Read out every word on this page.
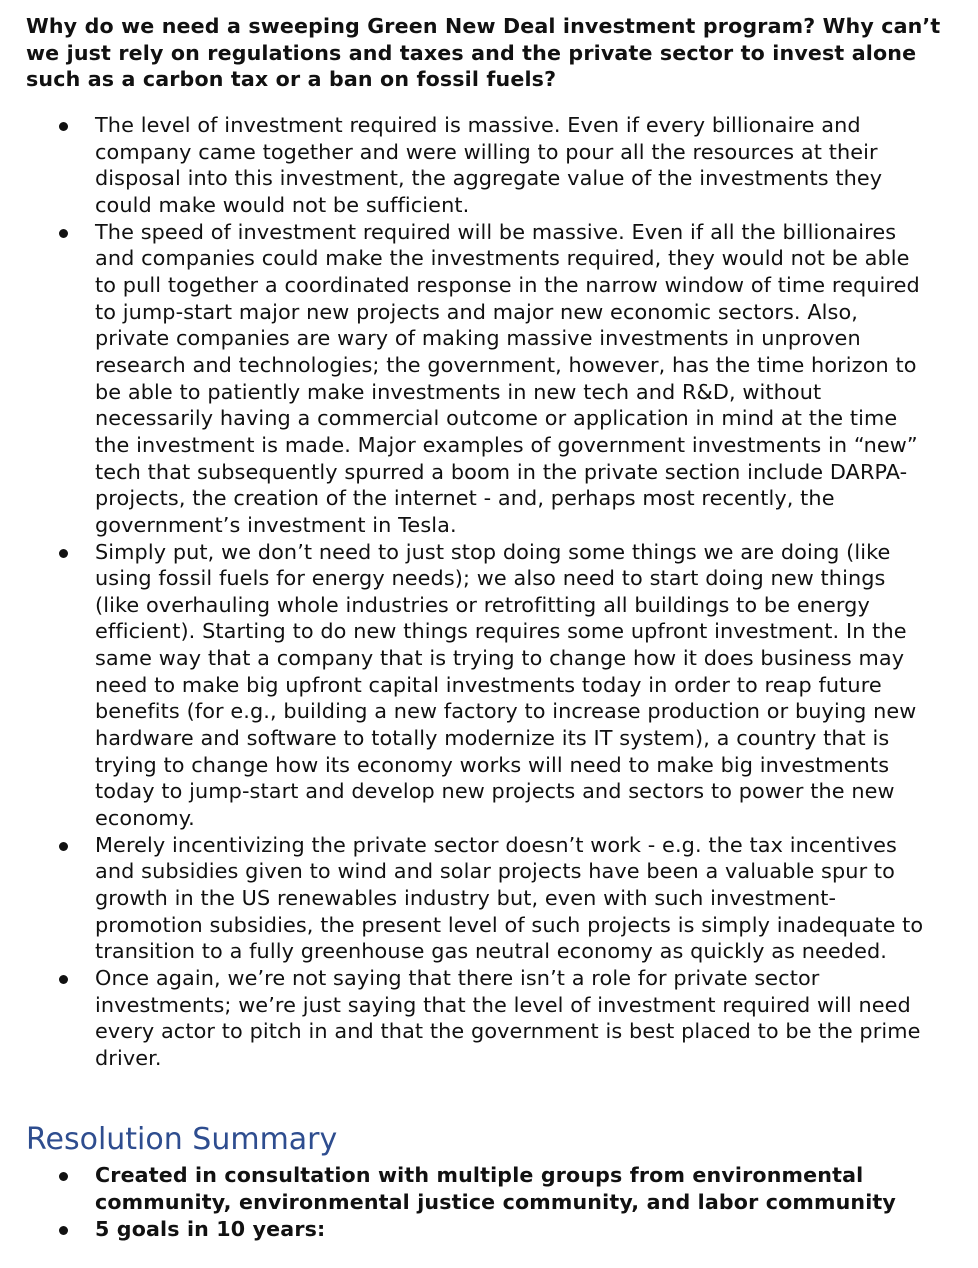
Why do we need a sweeping Green New Deal investment program? Why can’t we just rely on regulations and taxes and the private sector to invest alone such as a carbon tax or a ban on fossil fuels?

The level of investment required is massive. Even if every billionaire and company came together and were willing to pour all the resources at their disposal into this investment, the aggregate value of the investments they could make would not be sufficient.
The speed of investment required will be massive. Even if all the billionaires and companies could make the investments required, they would not be able to pull together a coordinated response in the narrow window of time required to jump-start major new projects and major new economic sectors. Also, private companies are wary of making massive investments in unproven research and technologies; the government, however, has the time horizon to be able to patiently make investments in new tech and R&D, without necessarily having a commercial outcome or application in mind at the time the investment is made. Major examples of government investments in “new” tech that subsequently spurred a boom in the private section include DARPA-projects, the creation of the internet - and, perhaps most recently, the government’s investment in Tesla.
Simply put, we don’t need to just stop doing some things we are doing (like using fossil fuels for energy needs); we also need to start doing new things (like overhauling whole industries or retrofitting all buildings to be energy efficient). Starting to do new things requires some upfront investment. In the same way that a company that is trying to change how it does business may need to make big upfront capital investments today in order to reap future benefits (for e.g., building a new factory to increase production or buying new hardware and software to totally modernize its IT system), a country that is trying to change how its economy works will need to make big investments today to jump-start and develop new projects and sectors to power the new economy.
Merely incentivizing the private sector doesn’t work - e.g. the tax incentives and subsidies given to wind and solar projects have been a valuable spur to growth in the US renewables industry but, even with such investment-promotion subsidies, the present level of such projects is simply inadequate to transition to a fully greenhouse gas neutral economy as quickly as needed.
Once again, we’re not saying that there isn’t a role for private sector investments; we’re just saying that the level of investment required will need every actor to pitch in and that the government is best placed to be the prime driver.
Resolution Summary
Created in consultation with multiple groups from environmental community, environmental justice community, and labor community
5 goals in 10 years:
